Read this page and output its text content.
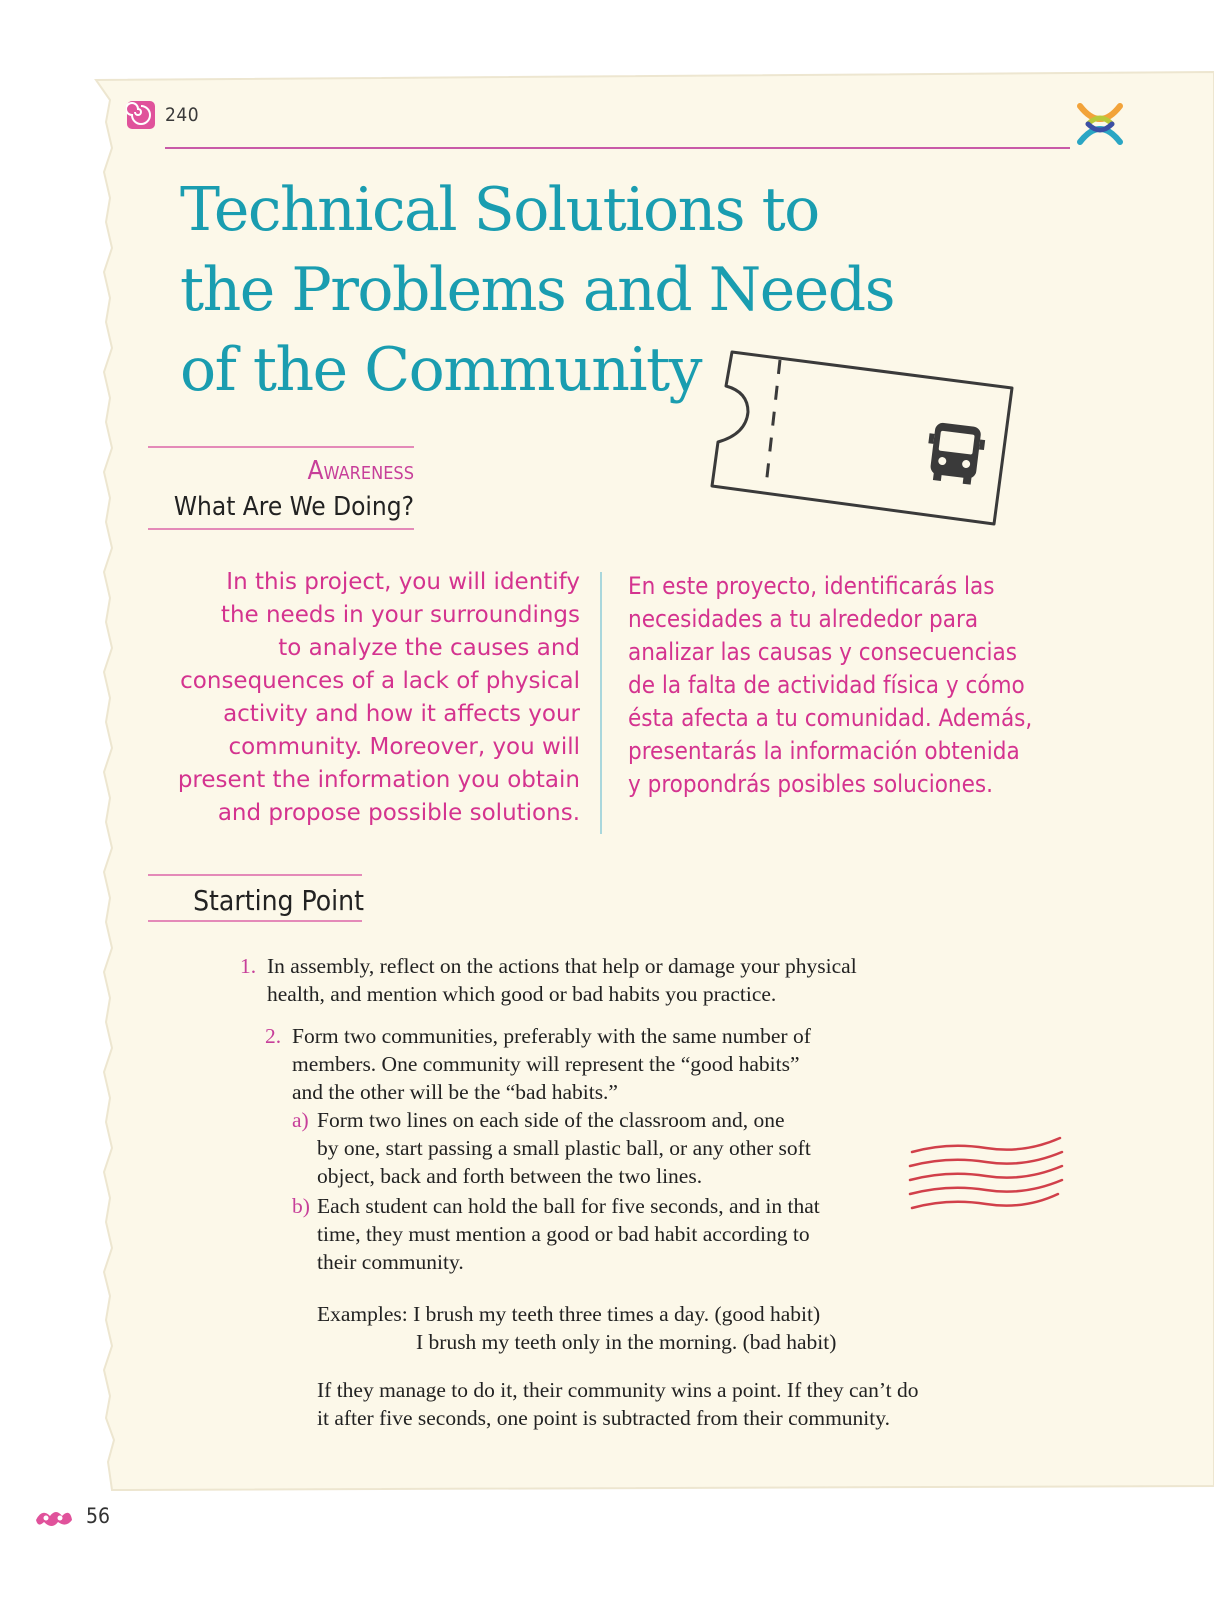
240
Technical Solutions to
the Problems and Needs
of the Community
Awareness
What Are We Doing?
In this project, you will identify
the needs in your surroundings
to analyze the causes and
consequences of a lack of physical
activity and how it affects your
community. Moreover, you will
present the information you obtain
and propose possible solutions.
En este proyecto, identificarás las
necesidades a tu alrededor para
analizar las causas y consecuencias
de la falta de actividad física y cómo
ésta afecta a tu comunidad. Además,
presentarás la información obtenida
y propondrás posibles soluciones.
Starting Point
1. In assembly, reflect on the actions that help or damage your physical
health, and mention which good or bad habits you practice.
2. Form two communities, preferably with the same number of
members. One community will represent the “good habits”
and the other will be the “bad habits.”
a) Form two lines on each side of the classroom and, one
by one, start passing a small plastic ball, or any other soft
object, back and forth between the two lines.
b) Each student can hold the ball for five seconds, and in that
time, they must mention a good or bad habit according to
their community.
Examples: I brush my teeth three times a day. (good habit)
I brush my teeth only in the morning. (bad habit)
If they manage to do it, their community wins a point. If they can’t do
it after five seconds, one point is subtracted from their community.
56
